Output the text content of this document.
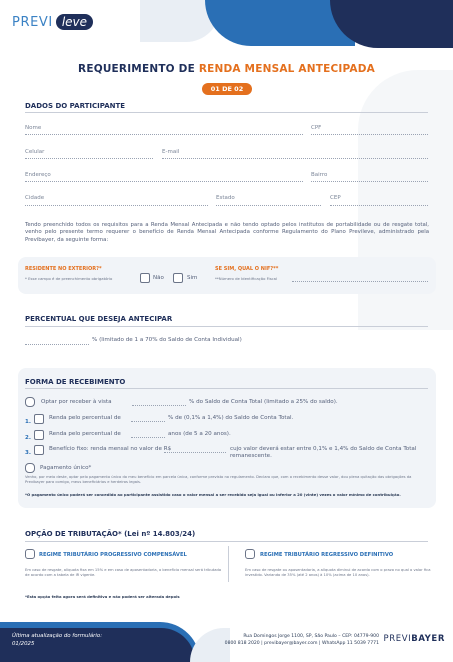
PREVI leve
REQUERIMENTO DE RENDA MENSAL ANTECIPADA
01 DE 02
DADOS DO PARTICIPANTE
Nome	CPF
Celular	E-mail
Endereço	Bairro
Cidade	Estado	CEP
Tendo preenchido todos os requisitos para a Renda Mensal Antecipada e não tendo optado pelos institutos de portabilidade ou de resgate total, venho pelo presente termo requerer o benefício de Renda Mensal Antecipada conforme Regulamento do Plano Previleve, administrado pela Previbayer, da seguinte forma:
RESIDENTE NO EXTERIOR?*
* Esse campo é de preenchimento obrigatório	Não	Sim
SE SIM, QUAL O NIF?**
**Número de Identificação Fiscal
PERCENTUAL QUE DESEJA ANTECIPAR
% (limitado de 1 a 70% do Saldo de Conta Individual)
FORMA DE RECEBIMENTO
Optar por receber à vista	% do Saldo de Conta Total (limitado a 25% do saldo).
1.
Renda pelo percentual de	% de (0,1% a 1,4%) do Saldo de Conta Total.
2.
Renda pelo percentual de	anos (de 5 a 20 anos).
3.
Benefício fixo: renda mensal no valor de R$	cujo valor deverá estar entre 0,1% e 1,4% do Saldo de Conta Total
remanescente.
Pagamento único*
Venho, por meio deste, optar pelo pagamento único do meu benefício em parcela única, conforme previsto no regulamento. Declaro que, com o recebimento desse valor, dou plena quitação das obrigações da Previbayer para comigo, meus beneficiários e herdeiros legais.
*O pagamento único poderá ser concedido ao participante assistido caso o valor mensal a ser recebido seja igual ou inferior a 20 (vinte) vezes o valor mínimo de contribuição.
OPÇÃO DE TRIBUTAÇÃO* (Lei nº 14.803/24)
REGIME TRIBUTÁRIO PROGRESSIVO COMPENSÁVEL
Em caso de resgate, alíquota fixa em 15% e em caso de aposentadoria, o benefício mensal será tributado de acordo com a tabela de IR vigente.
REGIME TRIBUTÁRIO REGRESSIVO DEFINITIVO
Em caso de resgate ou aposentadoria, a alíquota diminui de acordo com o prazo no qual o valor fica investido. Variando de 35% (até 2 anos) à 10% (acima de 10 anos).
*Esta opção feita agora será definitiva e não poderá ser alterada depois
Última atualização do formulário:
01/2025
Rua Domingos Jorge 1100, SP, São Paulo – CEP: 04779-900
0800 818 2020 | previbayer@bayer.com | WhatsApp 11 5039 7771 PREVIBAYER
